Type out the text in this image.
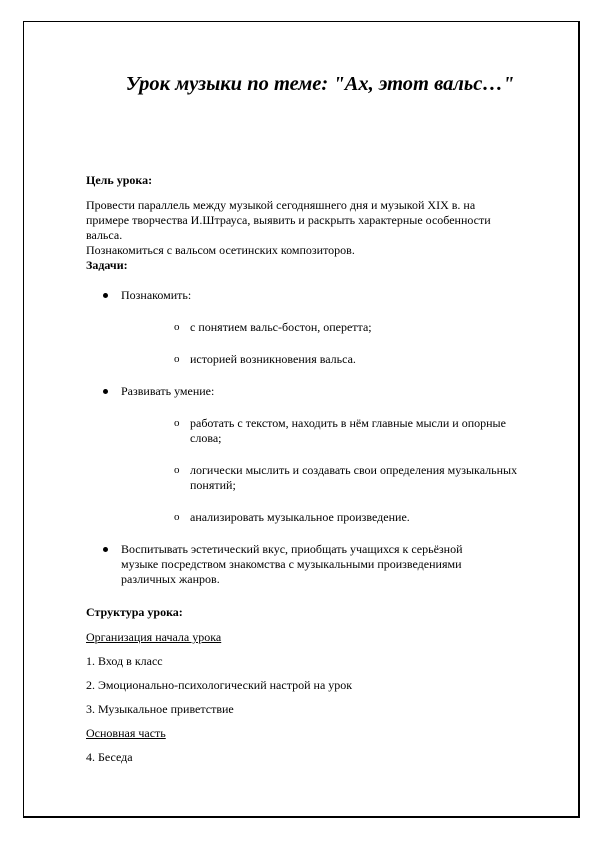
Урок музыки по теме: "Ах, этот вальс…"

Цель урока:

Провести параллель между музыкой сегодняшнего дня и музыкой XIX в. на

примере творчества И.Штрауса, выявить и раскрыть характерные особенности

вальса.

Познакомиться с вальсом осетинских композиторов.

Задачи:

Познакомить:
o с понятием вальс-бостон, оперетта;
o историей возникновения вальса.
Развивать умение:
o работать с текстом, находить в нём главные мысли и опорные
слова;
o логически мыслить и создавать свои определения музыкальных
понятий;
o анализировать музыкальное произведение.
Воспитывать эстетический вкус, приобщать учащихся к серьёзной
музыке посредством знакомства с музыкальными произведениями
различных жанров.

Структура урока:

Организация начала урока

1. Вход в класс

2. Эмоционально-психологический настрой на урок

3. Музыкальное приветствие

Основная часть

4. Беседа
